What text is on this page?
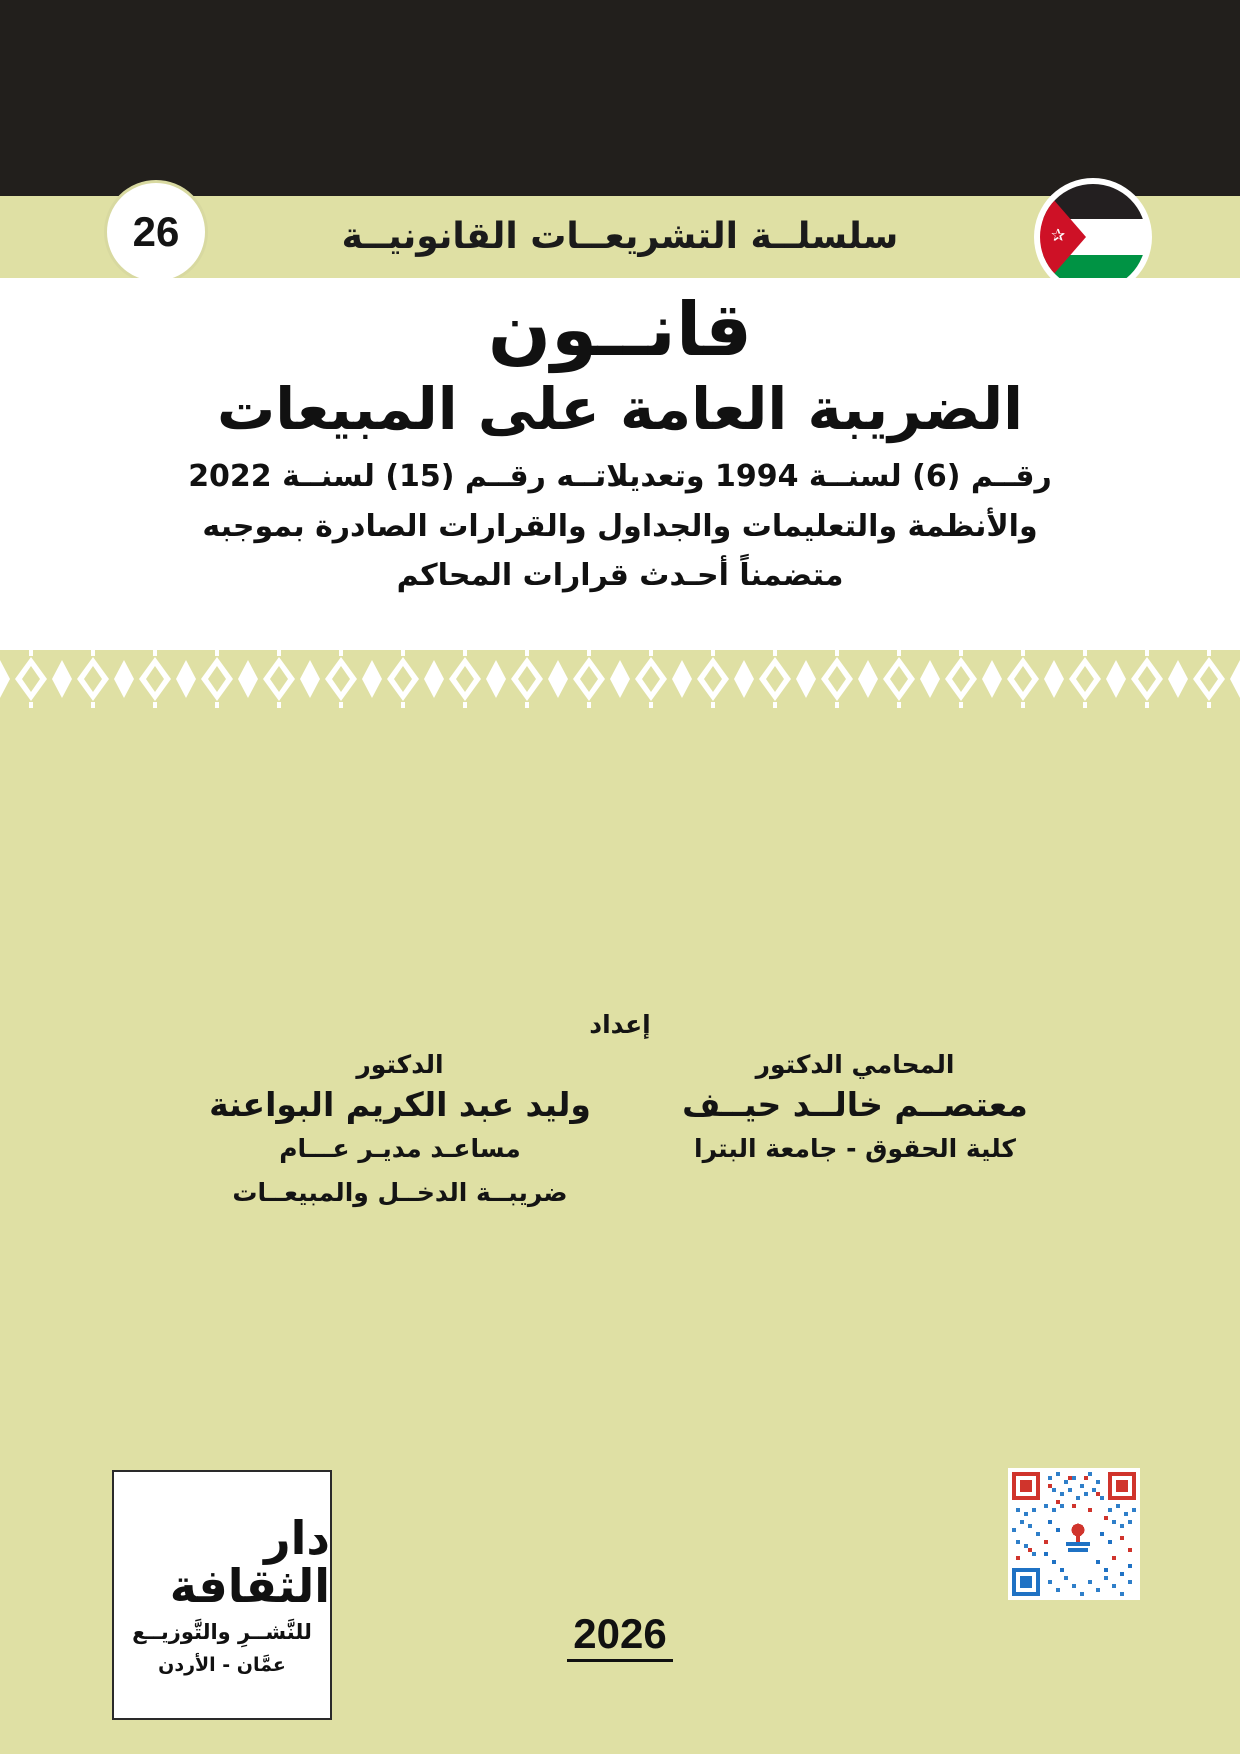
سلسلــة التشريعــات القانونيــة
26	✰
قانــون
الضريبة العامة على المبيعات
رقــم (6) لسنــة 1994 وتعديلاتــه رقــم (15) لسنــة 2022
والأنظمة والتعليمات والجداول والقرارات الصادرة بموجبه
متضمناً أحـدث قرارات المحاكم
إعداد
المحامي الدكتور
معتصــم خالــد حيــف
كلية الحقوق - جامعة البترا
الدكتور
وليد عبد الكريم البواعنة
مساعـد مديـر عـــام
ضريبــة الدخــل والمبيعــات
دار الثقافة
للنَّشــرِ والتَّوزيــع
عمَّان - الأردن
2026
